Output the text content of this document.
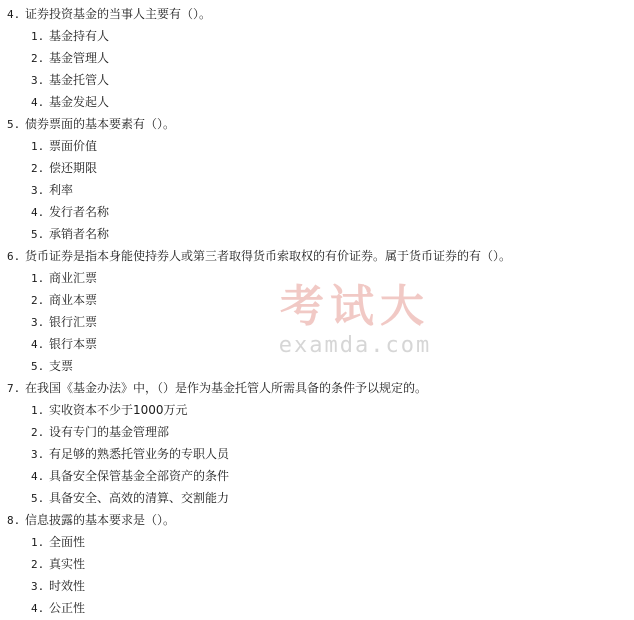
4. 证券投资基金的当事人主要有（）。
1. 基金持有人
2. 基金管理人
3. 基金托管人
4. 基金发起人
5. 债券票面的基本要素有（）。
1. 票面价值
2. 偿还期限
3. 利率
4. 发行者名称
5. 承销者名称
6. 货币证券是指本身能使持券人或第三者取得货币索取权的有价证券。属于货币证券的有（）。
1. 商业汇票
2. 商业本票
3. 银行汇票
4. 银行本票
5. 支票
7. 在我国《基金办法》中，（）是作为基金托管人所需具备的条件予以规定的。
1. 实收资本不少于1000万元
2. 设有专门的基金管理部
3. 有足够的熟悉托管业务的专职人员
4. 具备安全保管基金全部资产的条件
5. 具备安全、高效的清算、交割能力
8. 信息披露的基本要求是（）。
1. 全面性
2. 真实性
3. 时效性
4. 公正性
考试大
examda.com
